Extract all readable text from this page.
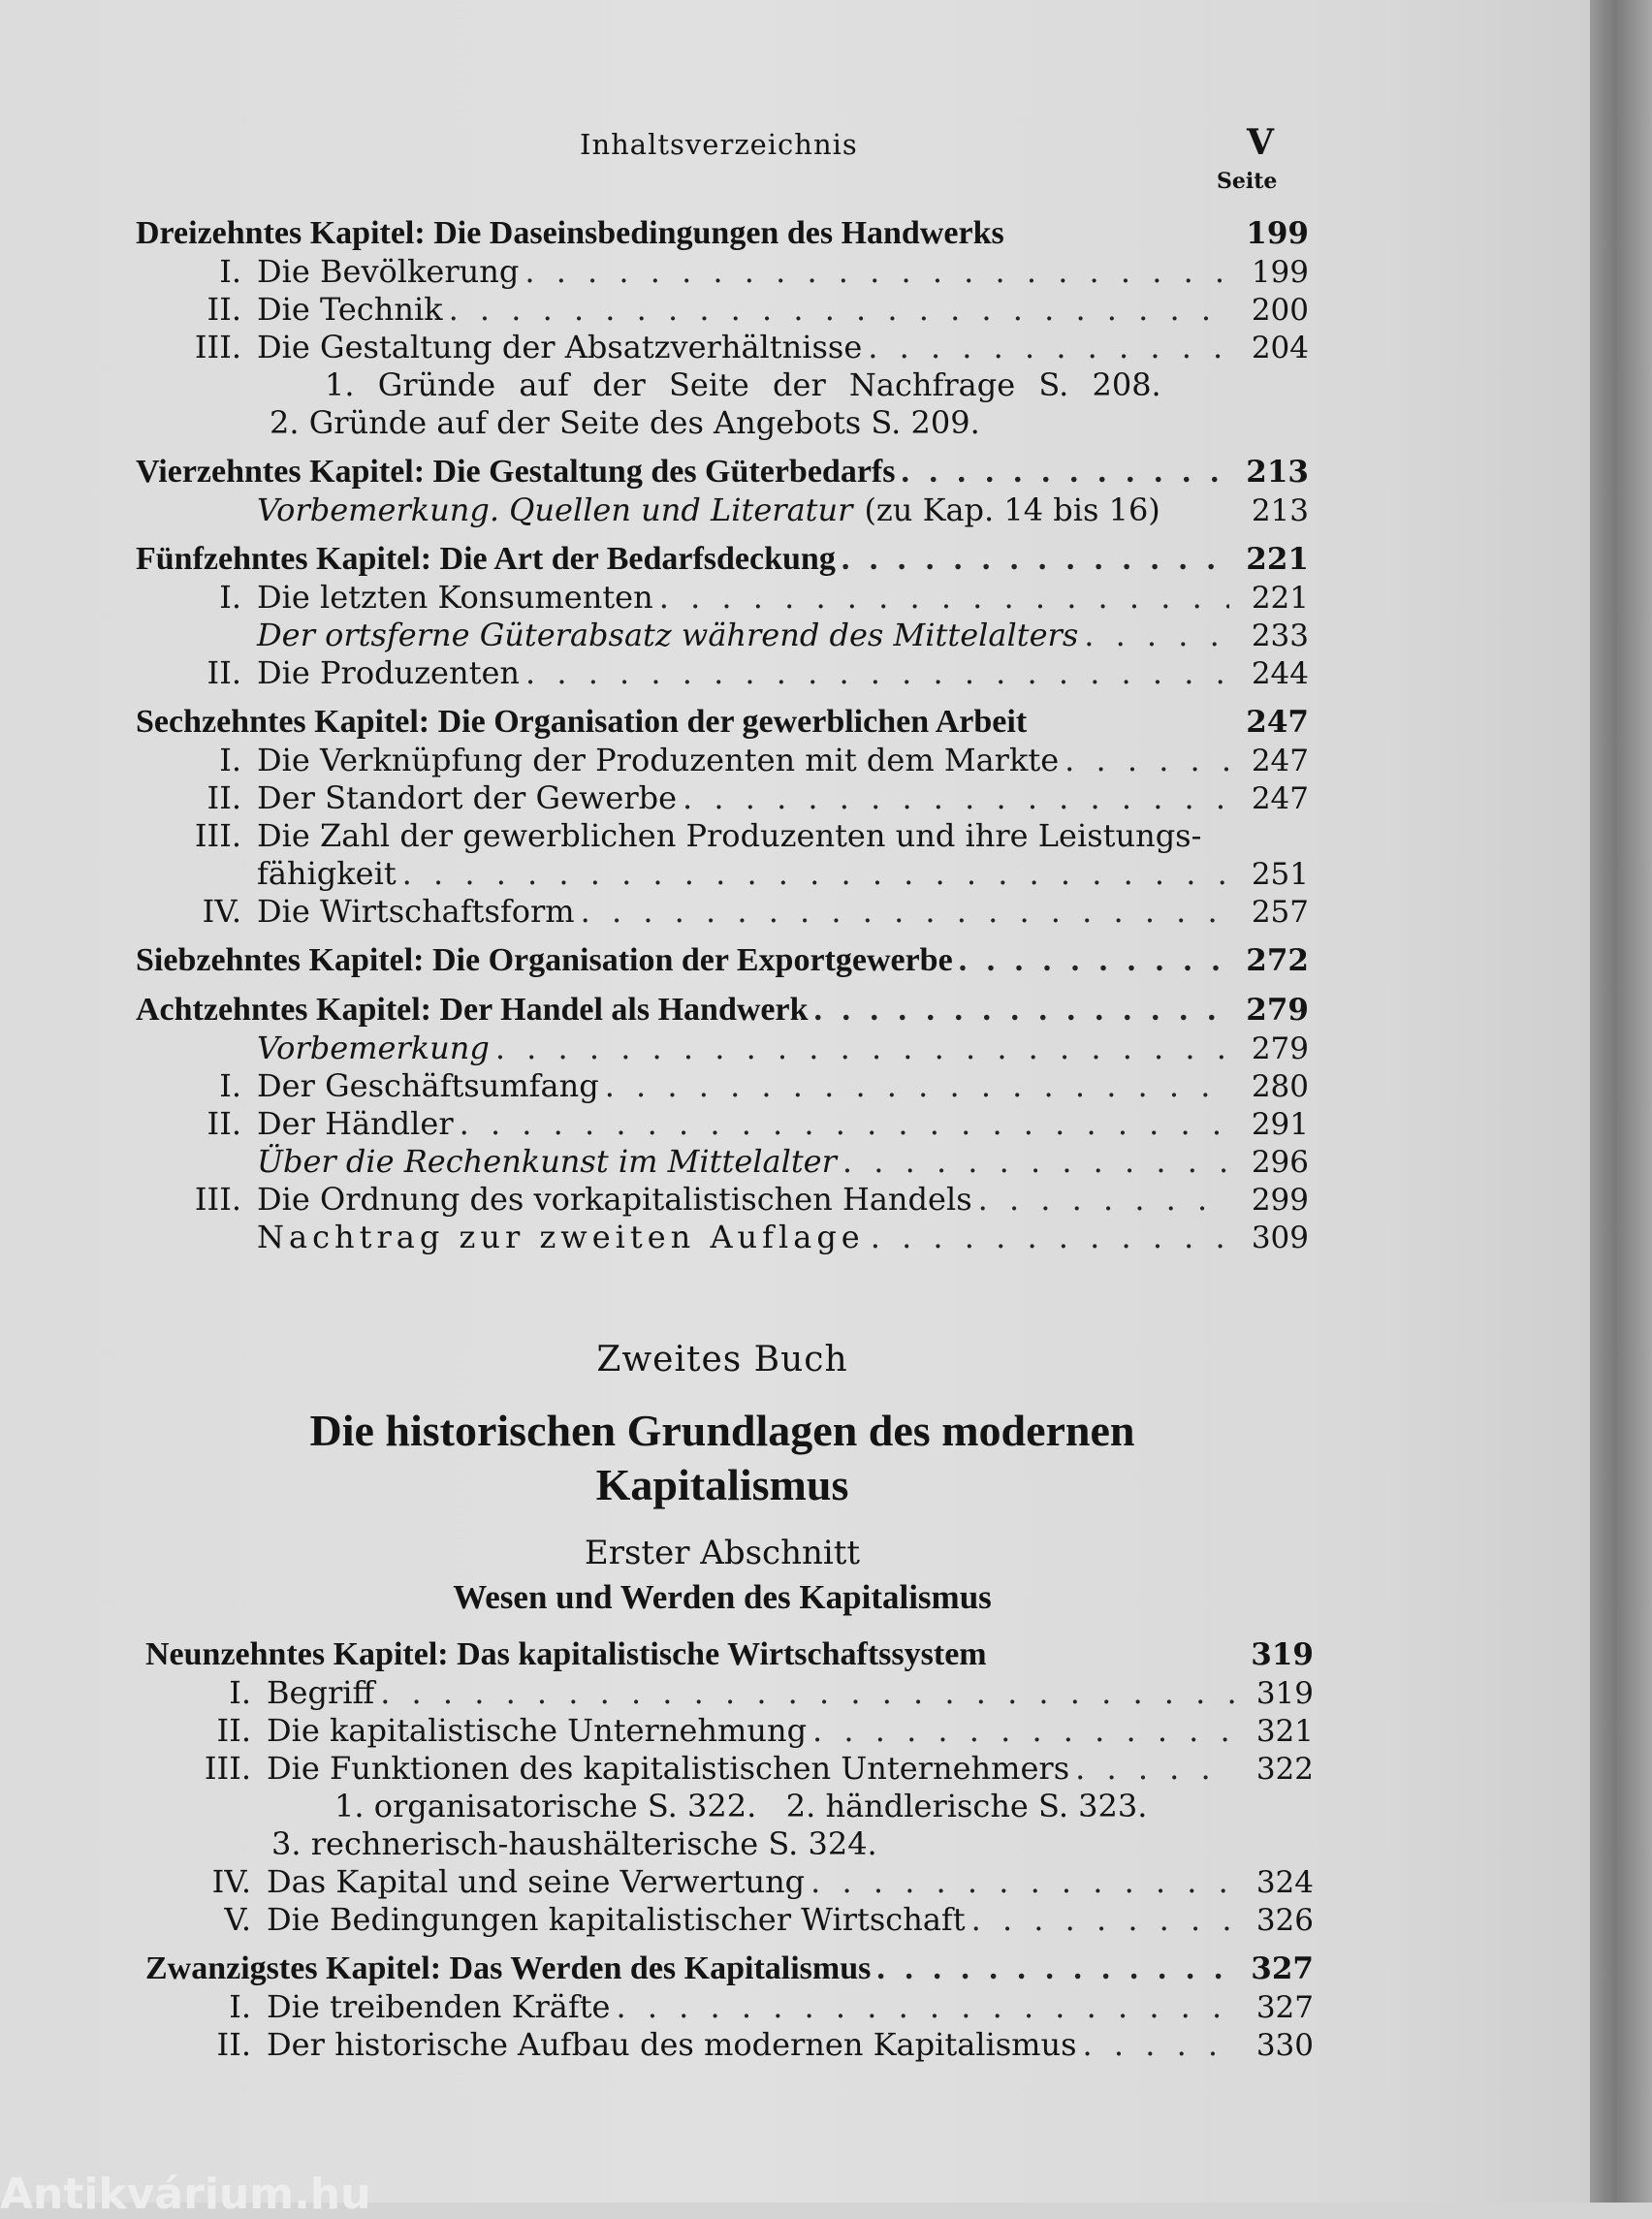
Inhaltsverzeichnis	V
Seite
Dreizehntes Kapitel: Die Daseinsbedingungen des Handwerks	199
I. Die Bevölkerung . . .	199
II. Die Technik . . .	200
III. Die Gestaltung der Absatzverhältnisse . . .	204
1. Gründe auf der Seite der Nachfrage S. 208.
2. Gründe auf der Seite des Angebots S. 209.
Vierzehntes Kapitel: Die Gestaltung des Güterbedarfs . . .	213
Vorbemerkung. Quellen und Literatur (zu Kap. 14 bis 16)	213
Fünfzehntes Kapitel: Die Art der Bedarfsdeckung . . .	221
I. Die letzten Konsumenten . . .	221
Der ortsferne Güterabsatz während des Mittelalters . . .	233
II. Die Produzenten . . .	244
Sechzehntes Kapitel: Die Organisation der gewerblichen Arbeit	247
I. Die Verknüpfung der Produzenten mit dem Markte . . .	247
II. Der Standort der Gewerbe . . .	247
III. Die Zahl der gewerblichen Produzenten und ihre Leistungs-
fähigkeit . . .	251
IV. Die Wirtschaftsform . . .	257
Siebzehntes Kapitel: Die Organisation der Exportgewerbe . . .	272
Achtzehntes Kapitel: Der Handel als Handwerk . . .	279
Vorbemerkung . . .	279
I. Der Geschäftsumfang . . .	280
II. Der Händler . . .	291
Über die Rechenkunst im Mittelalter . . .	296
III. Die Ordnung des vorkapitalistischen Handels . . .	299
Nachtrag zur zweiten Auflage . . .	309
Zweites Buch
Die historischen Grundlagen des modernen
Kapitalismus
Erster Abschnitt
Wesen und Werden des Kapitalismus
Neunzehntes Kapitel: Das kapitalistische Wirtschaftssystem	319
I. Begriff . . .	319
II. Die kapitalistische Unternehmung . . .	321
III. Die Funktionen des kapitalistischen Unternehmers . . .	322
1. organisatorische S. 322.   2. händlerische S. 323.
3. rechnerisch-haushälterische S. 324.
IV. Das Kapital und seine Verwertung . . .	324
V. Die Bedingungen kapitalistischer Wirtschaft . . .	326
Zwanzigstes Kapitel: Das Werden des Kapitalismus . . .	327
I. Die treibenden Kräfte . . .	327
II. Der historische Aufbau des modernen Kapitalismus . . .	330
Antikvárium.hu
